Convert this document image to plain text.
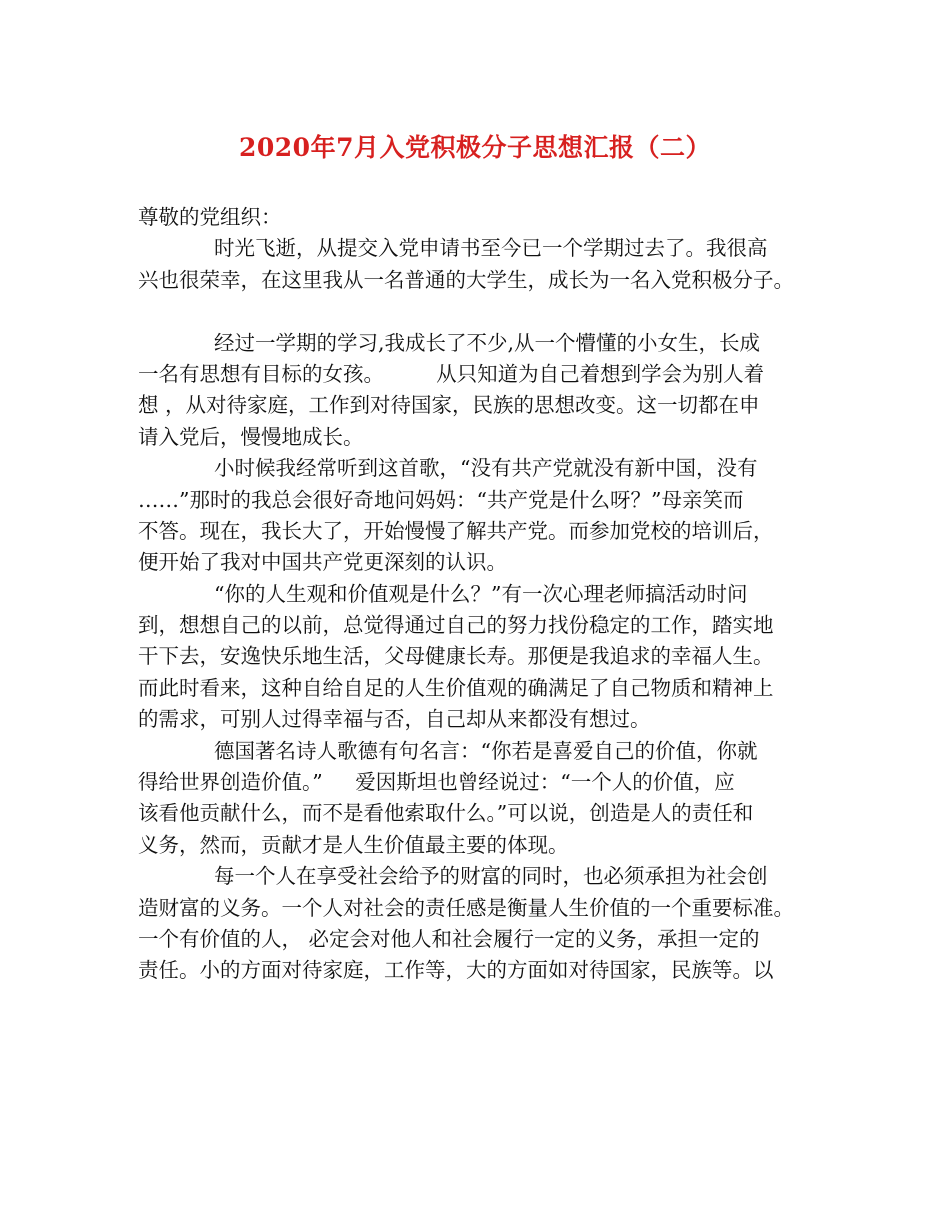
2020年7月入党积极分子思想汇报（二）
尊敬的党组织：
时光飞逝，从提交入党申请书至今已一个学期过去了。我很高
兴也很荣幸，在这里我从一名普通的大学生，成长为一名入党积极分子。
经过一学期的学习,我成长了不少,从一个懵懂的小女生，长成
一名有思想有目标的女孩。        从只知道为自己着想到学会为别人着
想 ，从对待家庭，工作到对待国家，民族的思想改变。这一切都在申
请入党后，慢慢地成长。
小时候我经常听到这首歌，“没有共产党就没有新中国，没有
……”那时的我总会很好奇地问妈妈：“共产党是什么呀？”母亲笑而
不答。现在，我长大了，开始慢慢了解共产党。而参加党校的培训后，
便开始了我对中国共产党更深刻的认识。
“你的人生观和价值观是什么？”有一次心理老师搞活动时问
到，想想自己的以前，总觉得通过自己的努力找份稳定的工作，踏实地
干下去，安逸快乐地生活，父母健康长寿。那便是我追求的幸福人生。
而此时看来，这种自给自足的人生价值观的确满足了自己物质和精神上
的需求，可别人过得幸福与否，自己却从来都没有想过。
德国著名诗人歌德有句名言：“你若是喜爱自己的价值，你就
得给世界创造价值。”     爱因斯坦也曾经说过：“一个人的价值，应
该看他贡献什么，而不是看他索取什么。”可以说，创造是人的责任和
义务，然而，贡献才是人生价值最主要的体现。
每一个人在享受社会给予的财富的同时，也必须承担为社会创
造财富的义务。一个人对社会的责任感是衡量人生价值的一个重要标准。
一个有价值的人， 必定会对他人和社会履行一定的义务，承担一定的
责任。小的方面对待家庭，工作等，大的方面如对待国家，民族等。以
